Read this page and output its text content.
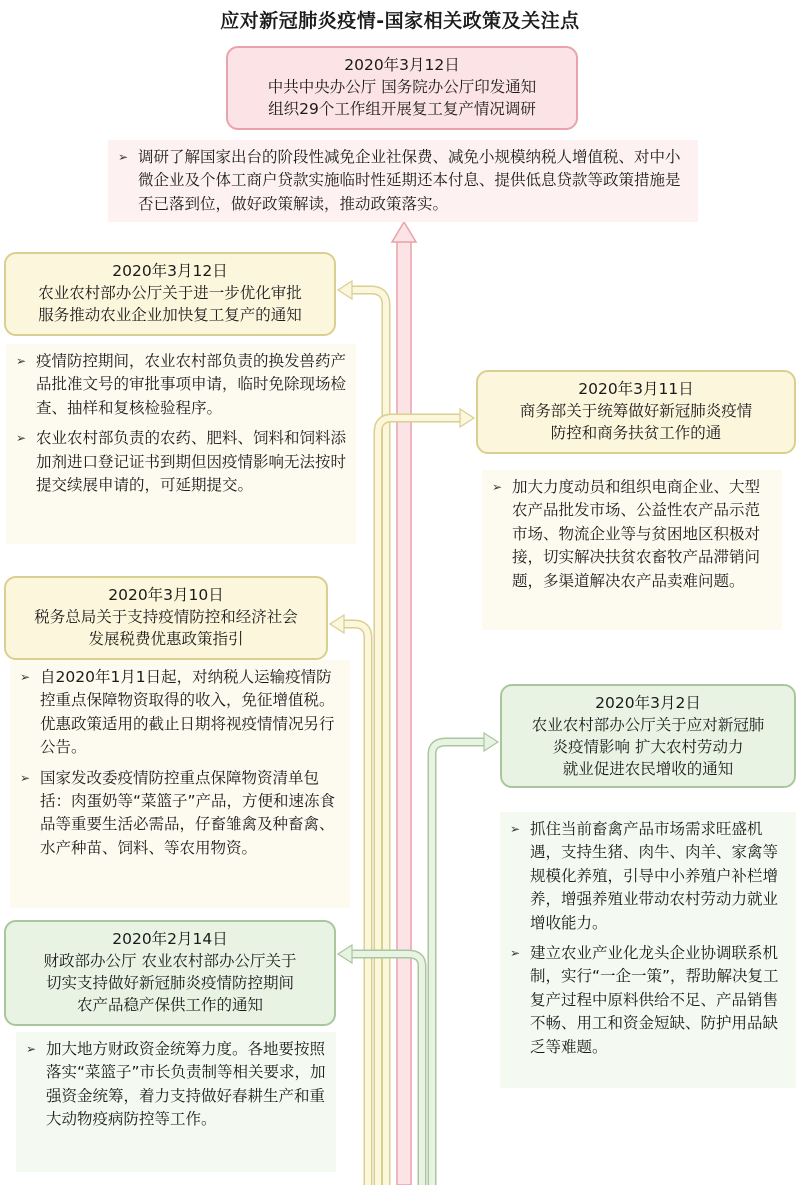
应对新冠肺炎疫情-国家相关政策及关注点
2020年3月12日
中共中央办公厅 国务院办公厅印发通知
组织29个工作组开展复工复产情况调研
➢ 调研了解国家出台的阶段性减免企业社保费、减免小规模纳税人增值税、对中小微企业及个体工商户贷款实施临时性延期还本付息、提供低息贷款等政策措施是否已落到位，做好政策解读，推动政策落实。
2020年3月12日
农业农村部办公厅关于进一步优化审批
服务推动农业企业加快复工复产的通知
➢ 疫情防控期间，农业农村部负责的换发兽药产品批准文号的审批事项申请，临时免除现场检查、抽样和复核检验程序。
➢ 农业农村部负责的农药、肥料、饲料和饲料添加剂进口登记证书到期但因疫情影响无法按时提交续展申请的，可延期提交。
2020年3月11日
商务部关于统筹做好新冠肺炎疫情
防控和商务扶贫工作的通
➢ 加大力度动员和组织电商企业、大型农产品批发市场、公益性农产品示范市场、物流企业等与贫困地区积极对接，切实解决扶贫农畜牧产品滞销问题，多渠道解决农产品卖难问题。
2020年3月10日
税务总局关于支持疫情防控和经济社会
发展税费优惠政策指引
➢ 自2020年1月1日起，对纳税人运输疫情防控重点保障物资取得的收入，免征增值税。优惠政策适用的截止日期将视疫情情况另行公告。
➢ 国家发改委疫情防控重点保障物资清单包括：肉蛋奶等“菜篮子”产品，方便和速冻食品等重要生活必需品，仔畜雏禽及种畜禽、水产种苗、饲料、等农用物资。
2020年3月2日
农业农村部办公厅关于应对新冠肺
炎疫情影响 扩大农村劳动力
就业促进农民增收的通知
➢ 抓住当前畜禽产品市场需求旺盛机遇，支持生猪、肉牛、肉羊、家禽等规模化养殖，引导中小养殖户补栏增养，增强养殖业带动农村劳动力就业增收能力。
➢ 建立农业产业化龙头企业协调联系机制，实行“一企一策”，帮助解决复工复产过程中原料供给不足、产品销售不畅、用工和资金短缺、防护用品缺乏等难题。
2020年2月14日
财政部办公厅 农业农村部办公厅关于
切实支持做好新冠肺炎疫情防控期间
农产品稳产保供工作的通知
➢ 加大地方财政资金统筹力度。各地要按照落实“菜篮子”市长负责制等相关要求，加强资金统筹，着力支持做好春耕生产和重大动物疫病防控等工作。
